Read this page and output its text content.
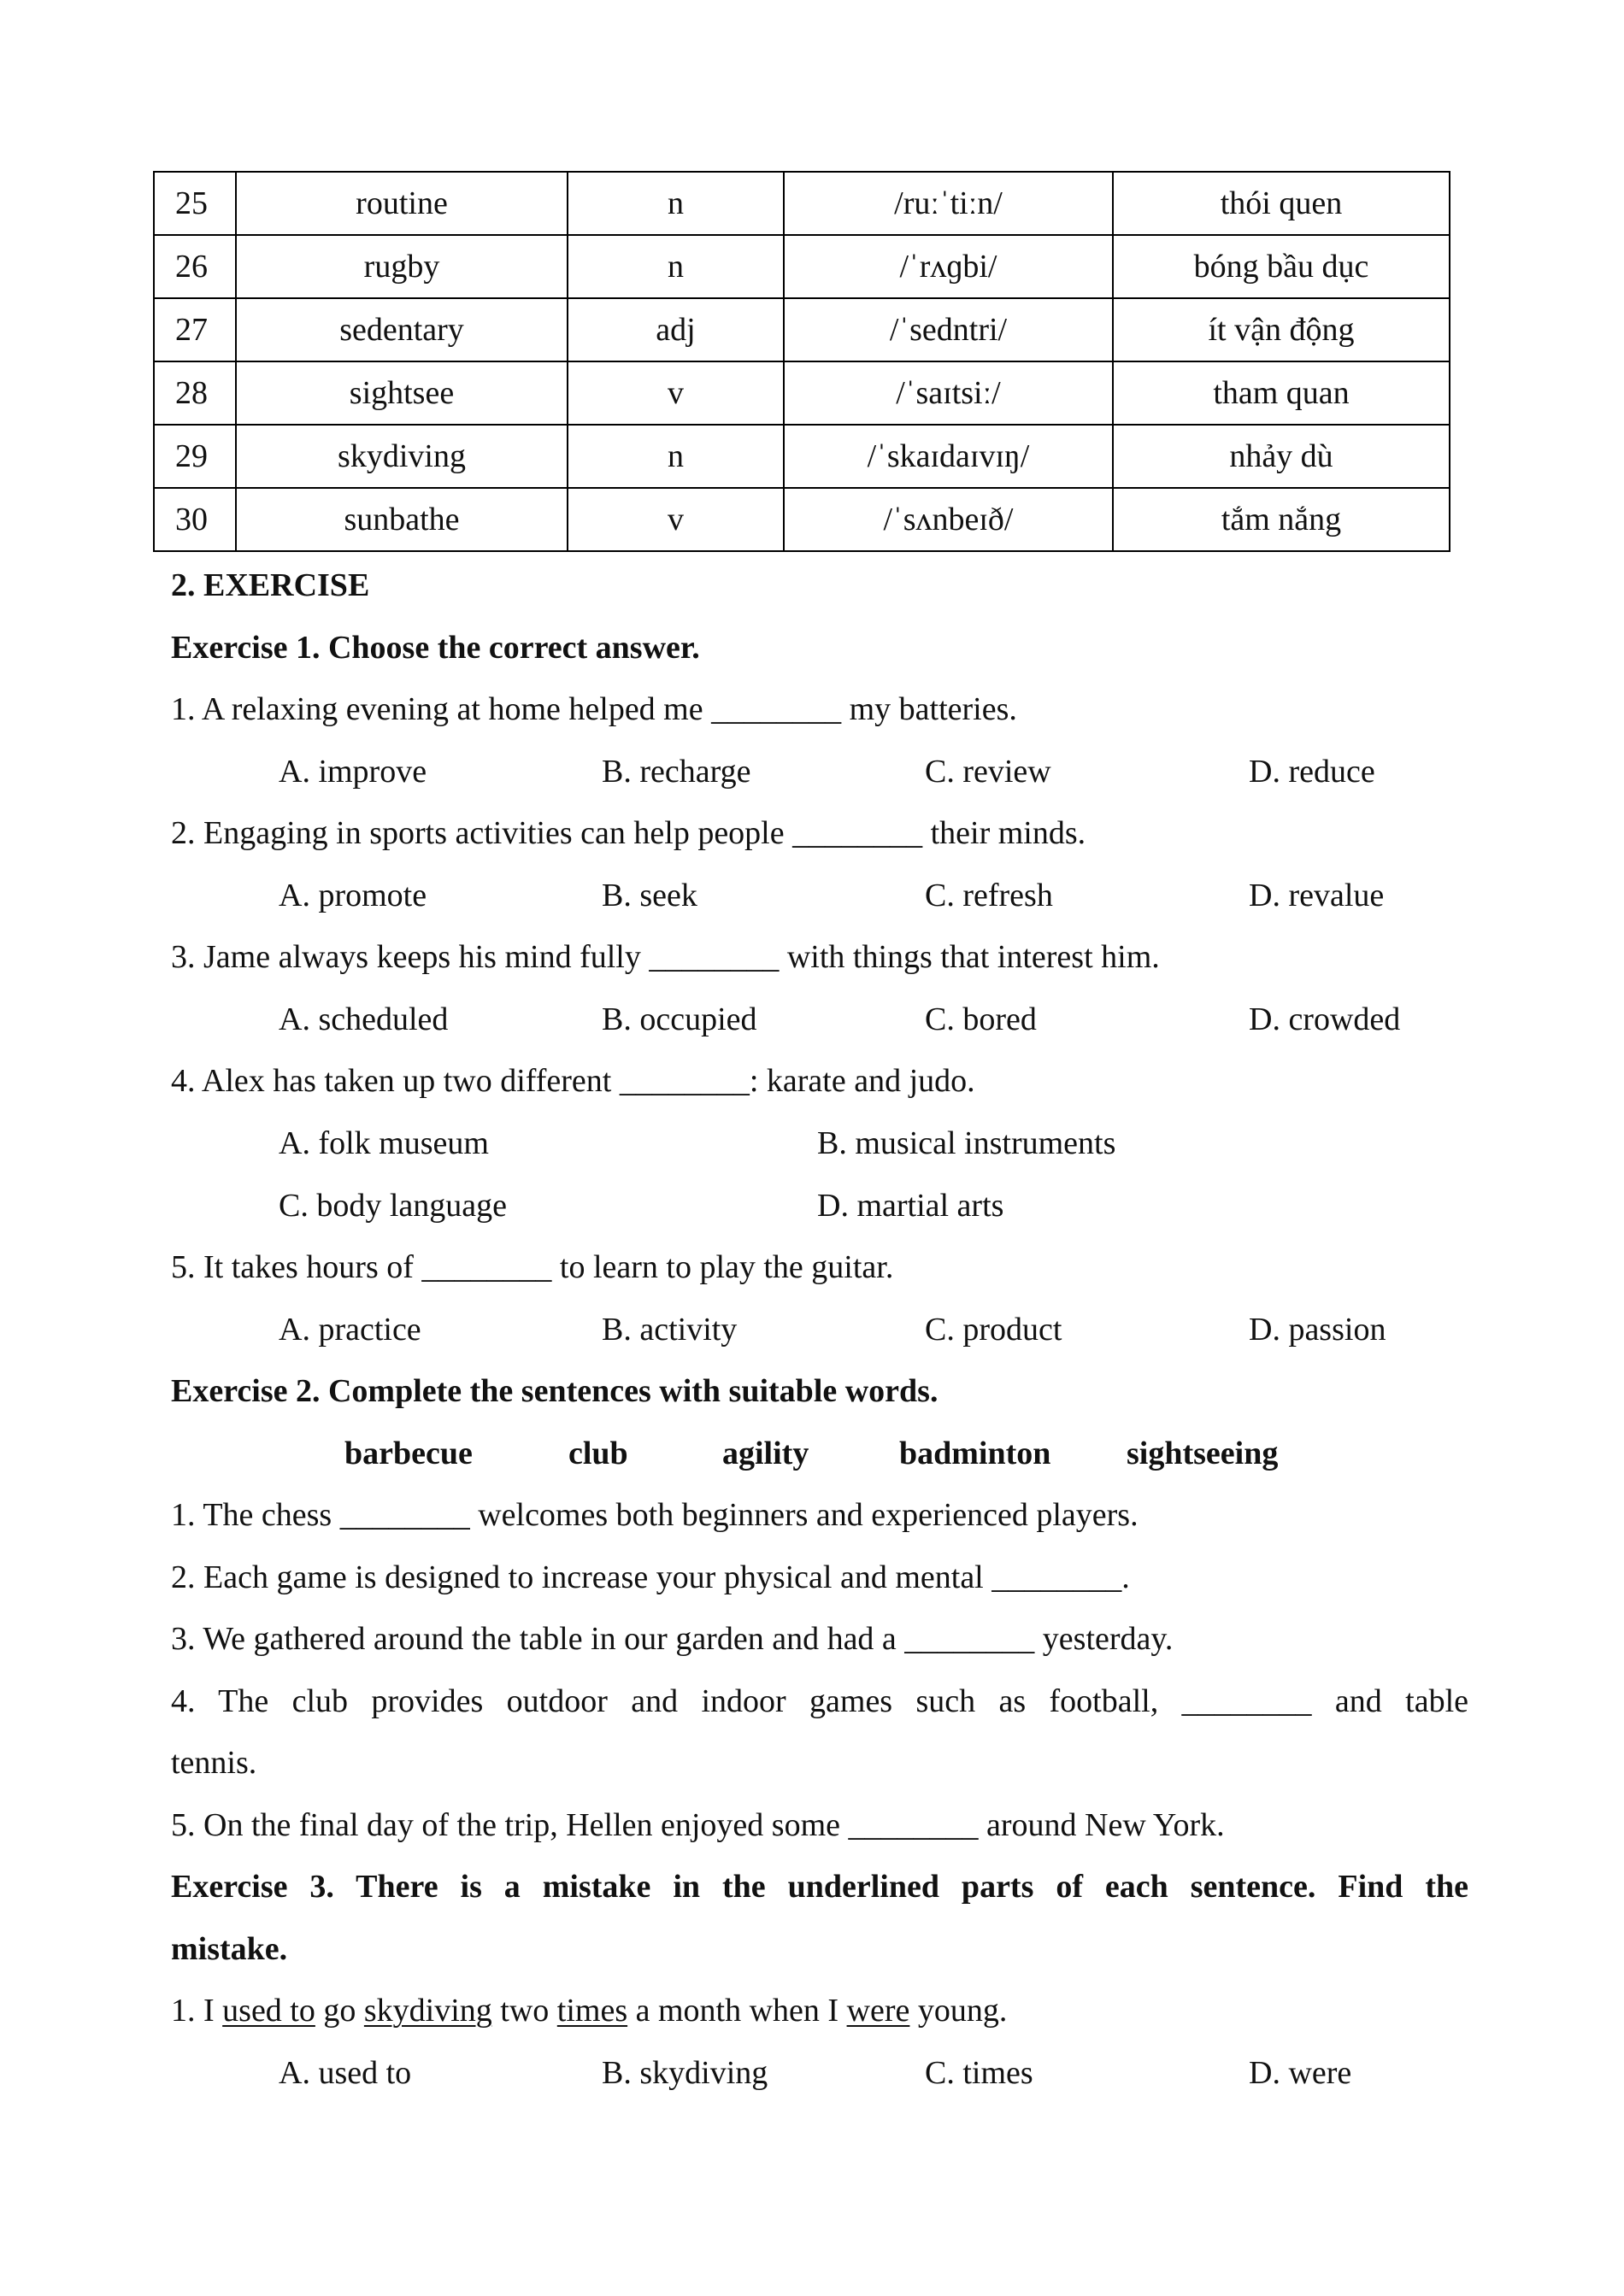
25	routine	n	/ruːˈtiːn/	thói quen
26	rugby	n	/ˈrʌɡbi/	bóng bầu dục
27	sedentary	adj	/ˈsedntri/	ít vận động
28	sightsee	v	/ˈsaɪtsiː/	tham quan
29	skydiving	n	/ˈskaɪdaɪvɪŋ/	nhảy dù
30	sunbathe	v	/ˈsʌnbeɪð/	tắm nắng
2. EXERCISE
Exercise 1. Choose the correct answer.
1. A relaxing evening at home helped me ________ my batteries.
A. improve	B. recharge	C. review	D. reduce
2. Engaging in sports activities can help people ________ their minds.
A. promote	B. seek	C. refresh	D. revalue
3. Jame always keeps his mind fully ________ with things that interest him.
A. scheduled	B. occupied	C. bored	D. crowded
4. Alex has taken up two different ________: karate and judo.
A. folk museum	B. musical instruments
C. body language	D. martial arts
5. It takes hours of ________ to learn to play the guitar.
A. practice	B. activity	C. product	D. passion
Exercise 2. Complete the sentences with suitable words.
barbecue	club	agility	badminton sightseeing
1. The chess ________ welcomes both beginners and experienced players.
2. Each game is designed to increase your physical and mental ________.
3. We gathered around the table in our garden and had a ________ yesterday.
4. The club provides outdoor and indoor games such as football, ________ and table
tennis.
5. On the final day of the trip, Hellen enjoyed some ________ around New York.
Exercise 3. There is a mistake in the underlined parts of each sentence. Find the
mistake.
1. I used to go skydiving two times a month when I were young.
A. used to	B. skydiving	C. times	D. were
